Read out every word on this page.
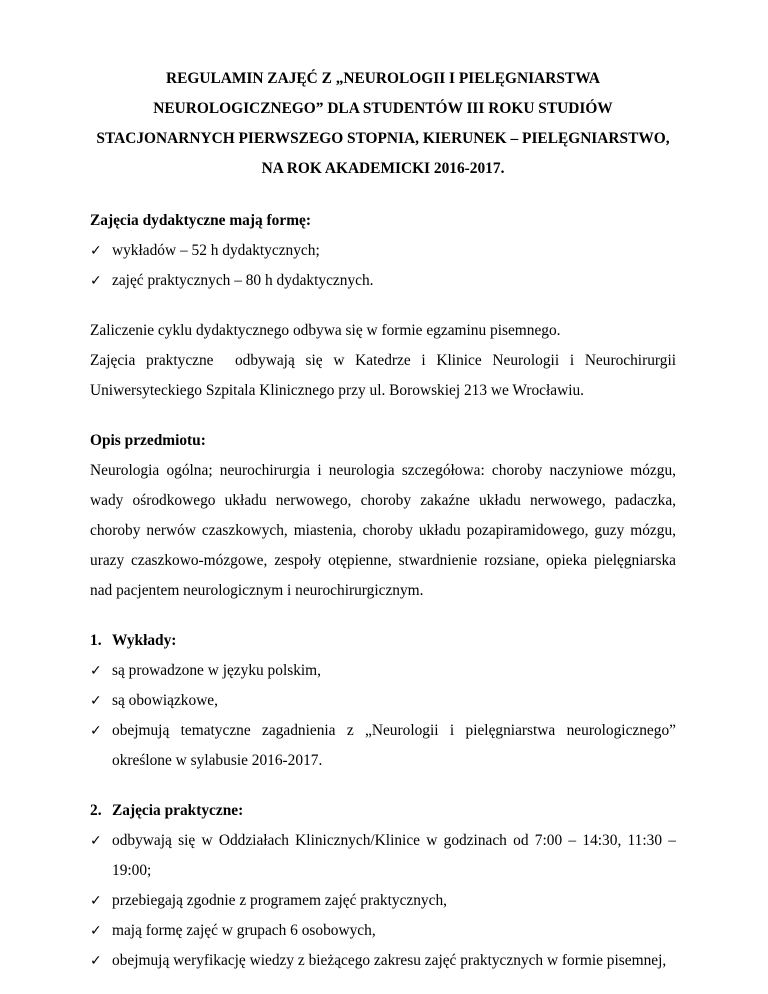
REGULAMIN ZAJĘĆ Z „NEUROLOGII I PIELĘGNIARSTWA
NEUROLOGICZNEGO” DLA STUDENTÓW III ROKU STUDIÓW
STACJONARNYCH PIERWSZEGO STOPNIA, KIERUNEK – PIELĘGNIARSTWO,
NA ROK AKADEMICKI 2016-2017.

Zajęcia dydaktyczne mają formę:

✓ wykładów – 52 h dydaktycznych;
✓ zajęć praktycznych – 80 h dydaktycznych.

Zaliczenie cyklu dydaktycznego odbywa się w formie egzaminu pisemnego.

Zajęcia praktyczne  odbywają się w Katedrze i Klinice Neurologii i Neurochirurgii

Uniwersyteckiego Szpitala Klinicznego przy ul. Borowskiej 213 we Wrocławiu.

Opis przedmiotu:

Neurologia ogólna; neurochirurgia i neurologia szczegółowa: choroby naczyniowe mózgu, wady ośrodkowego układu nerwowego, choroby zakaźne układu nerwowego, padaczka, choroby nerwów czaszkowych, miastenia, choroby układu pozapiramidowego, guzy mózgu, urazy czaszkowo-mózgowe, zespoły otępienne, stwardnienie rozsiane, opieka pielęgniarska nad pacjentem neurologicznym i neurochirurgicznym.

1. Wykłady:
✓ są prowadzone w języku polskim,
✓ są obowiązkowe,
✓ obejmują tematyczne zagadnienia z „Neurologii i pielęgniarstwa neurologicznego” określone w sylabusie 2016-2017.
2. Zajęcia praktyczne:
✓ odbywają się w Oddziałach Klinicznych/Klinice w godzinach od 7:00 – 14:30, 11:30 – 19:00;
✓ przebiegają zgodnie z programem zajęć praktycznych,
✓ mają formę zajęć w grupach 6 osobowych,
✓ obejmują weryfikację wiedzy z bieżącego zakresu zajęć praktycznych w formie pisemnej,
